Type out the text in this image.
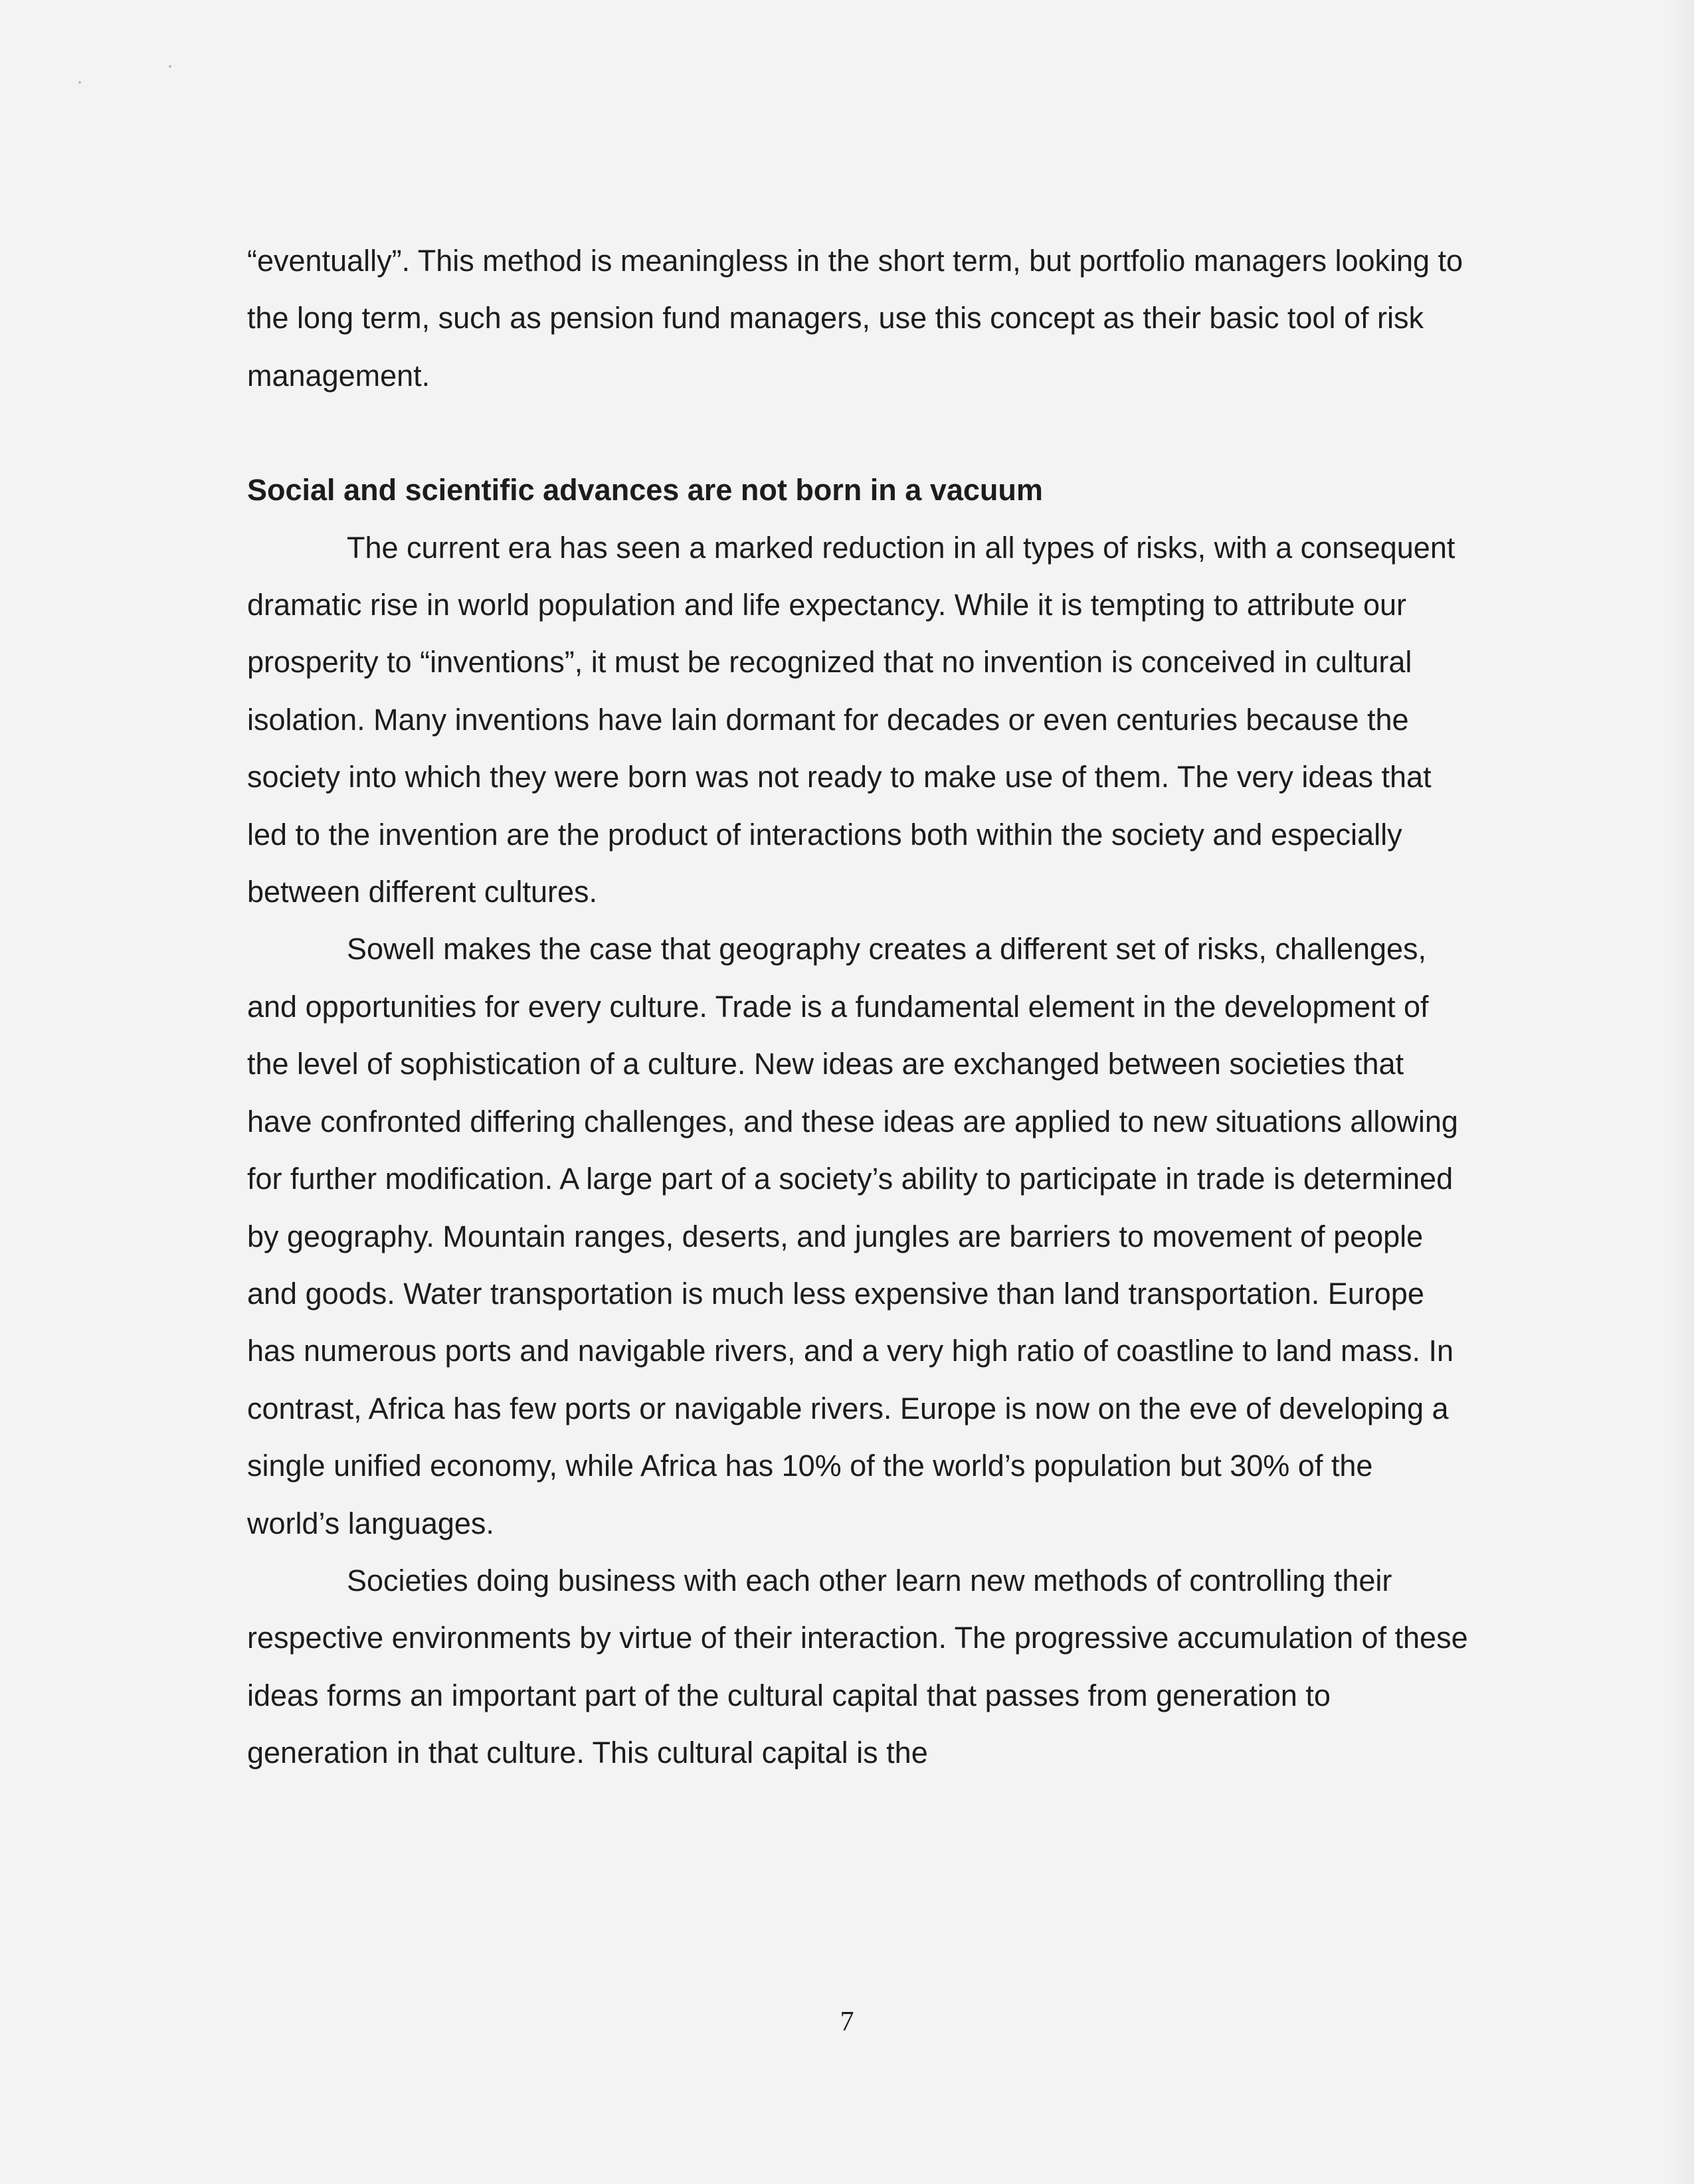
“eventually”. This method is meaningless in the short term, but portfolio managers looking to the long term, such as pension fund managers, use this concept as their basic tool of risk management.

Social and scientific advances are not born in a vacuum

The current era has seen a marked reduction in all types of risks, with a consequent dramatic rise in world population and life expectancy. While it is tempting to attribute our prosperity to “inventions”, it must be recognized that no invention is conceived in cultural isolation. Many inventions have lain dormant for decades or even centuries because the society into which they were born was not ready to make use of them. The very ideas that led to the invention are the product of interactions both within the society and especially between different cultures.

Sowell makes the case that geography creates a different set of risks, challenges, and opportunities for every culture. Trade is a fundamental element in the development of the level of sophistication of a culture. New ideas are exchanged between societies that have confronted differing challenges, and these ideas are applied to new situations allowing for further modification. A large part of a society’s ability to participate in trade is determined by geography. Mountain ranges, deserts, and jungles are barriers to movement of people and goods. Water transportation is much less expensive than land transportation. Europe has numerous ports and navigable rivers, and a very high ratio of coastline to land mass. In contrast, Africa has few ports or navigable rivers. Europe is now on the eve of developing a single unified economy, while Africa has 10% of the world’s population but 30% of the world’s languages.

Societies doing business with each other learn new methods of controlling their respective environments by virtue of their interaction. The progressive accumulation of these ideas forms an important part of the cultural capital that passes from generation to generation in that culture. This cultural capital is the

7
